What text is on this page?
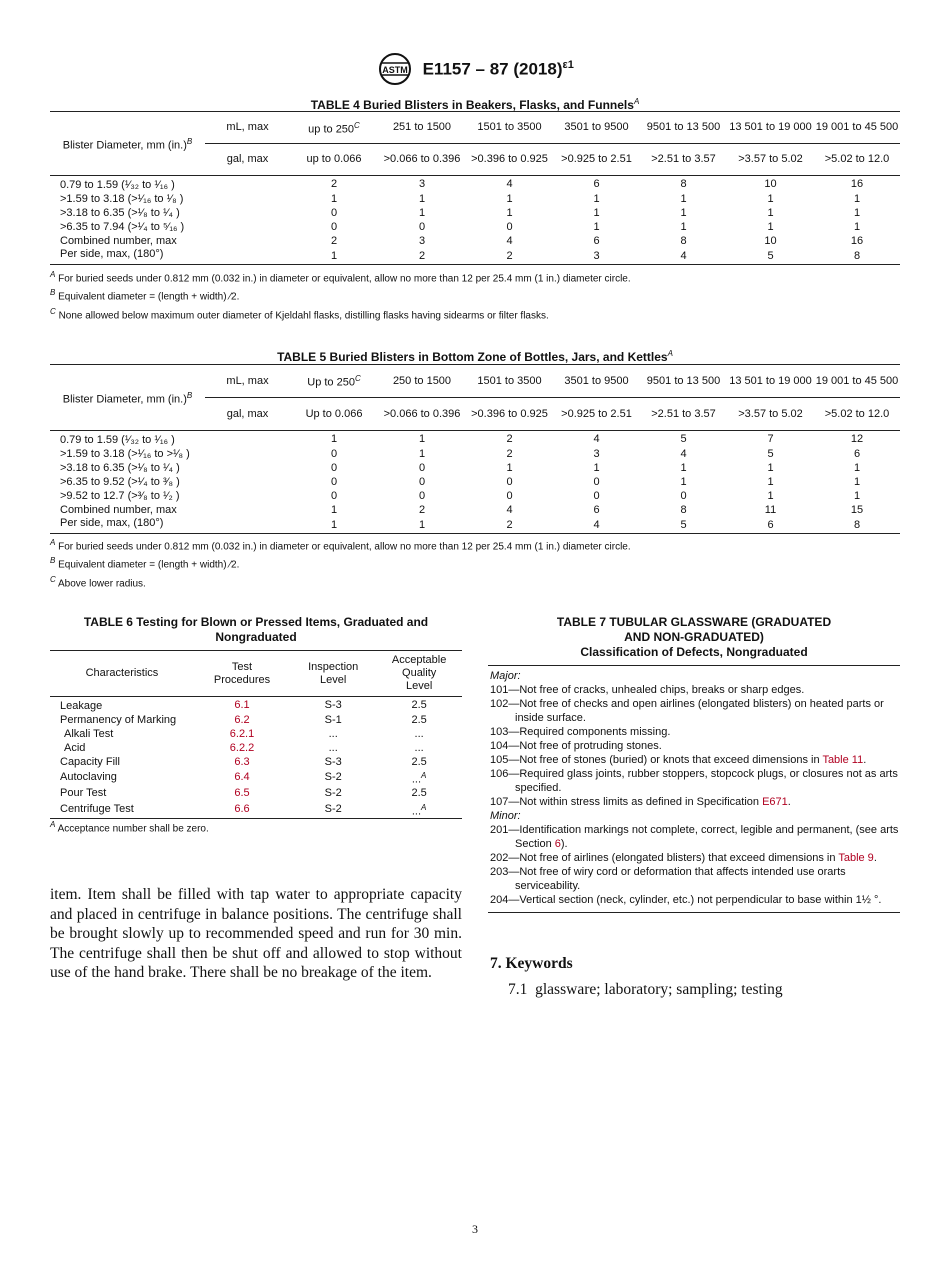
ASTM E1157 – 87 $(2018)^{\varepsilon 1}$
TABLE 4 Buried Blisters in Beakers, Flasks, and Funnels$^A$
Blister Diameter, mm $(in.)^B$	mL, max	up to $250^C$	251 to 1500	1501 to 3500	3501 to 9500	9501 to 13 500	13 501 to 19 000	19 001 to 45 500
	gal, max	up to 0.066	>0.066 to 0.396	>0.396 to 0.925	>0.925 to 2.51	>2.51 to 3.57	>3.57 to 5.02	>5.02 to 12.0
0.79 to 1.59 (¹⁄₃₂ to ¹⁄₁₆ )		2	3	4	6	8	10	16
>1.59 to 3.18 (>¹⁄₁₆ to ¹⁄₈ )		1	1	1	1	1	1	1
>3.18 to 6.35 (>¹⁄₈ to ¹⁄₄ )		0	1	1	1	1	1	1
>6.35 to 7.94 (>¹⁄₄ to ⁵⁄₁₆ )		0	0	0	1	1	1	1
Combined number, max		2	3	4	6	8	10	16
Per side, max, (180°)		1	2	2	3	4	5	8
$^A$ For buried seeds under 0.812 mm (0.032 in.) in diameter or equivalent, allow no more than 12 per 25.4 mm (1 in.) diameter circle.
$^B$ Equivalent diameter = (length + width) ⁄2.
$^C$ None allowed below maximum outer diameter of Kjeldahl flasks, distilling flasks having sidearms or filter flasks.
TABLE 5 Buried Blisters in Bottom Zone of Bottles, Jars, and Kettles$^A$
Blister Diameter, mm $(in.)^B$	mL, max	Up to $250^C$	250 to 1500	1501 to 3500	3501 to 9500	9501 to 13 500	13 501 to 19 000	19 001 to 45 500
	gal, max	Up to 0.066	>0.066 to 0.396	>0.396 to 0.925	>0.925 to 2.51	>2.51 to 3.57	>3.57 to 5.02	>5.02 to 12.0
0.79 to 1.59 (¹⁄₃₂ to ¹⁄₁₆ )		1	1	2	4	5	7	12
>1.59 to 3.18 (>¹⁄₁₆ to >¹⁄₈ )		0	1	2	3	4	5	6
>3.18 to 6.35 (>¹⁄₈ to ¹⁄₄ )		0	0	1	1	1	1	1
>6.35 to 9.52 (>¹⁄₄ to ³⁄₈ )		0	0	0	0	1	1	1
>9.52 to 12.7 (>³⁄₈ to ¹⁄₂ )		0	0	0	0	0	1	1
Combined number, max		1	2	4	6	8	11	15
Per side, max, (180°)		1	1	2	4	5	6	8
$^A$ For buried seeds under 0.812 mm (0.032 in.) in diameter or equivalent, allow no more than 12 per 25.4 mm (1 in.) diameter circle.
$^B$ Equivalent diameter = (length + width) ⁄2.
$^C$ Above lower radius.
TABLE 6 Testing for Blown or Pressed Items, Graduated and
Nongraduated
Characteristics	Test Procedures	Inspection Level	Acceptable Quality Level
Leakage	6.1	S-3	2.5
Permanency of Marking	6.2	S-1	2.5
Alkali Test	6.2.1	...	...
Acid	6.2.2	...	...
Capacity Fill	6.3	S-3	2.5
Autoclaving	6.4	S-2	...$^A$
Pour Test	6.5	S-2	2.5
Centrifuge Test	6.6	S-2	...$^A$
$^A$ Acceptance number shall be zero.
TABLE 7 TUBULAR GLASSWARE (GRADUATED
AND NON-GRADUATED)
Classification of Defects, Nongraduated
Major:
101—Not free of cracks, unhealed chips, breaks or sharp edges.
102—Not free of checks and open airlines (elongated blisters) on heated parts or inside surface.
103—Required components missing.
104—Not free of protruding stones.
105—Not free of stones (buried) or knots that exceed dimensions in Table 11.
106—Required glass joints, rubber stoppers, stopcock plugs, or closures not as arts specified.
107—Not within stress limits as defined in Specification E671.
Minor:
201—Identification markings not complete, correct, legible and permanent, (see arts Section 6).
202—Not free of airlines (elongated blisters) that exceed dimensions in Table 9.
203—Not free of wiry cord or deformation that affects intended use orarts serviceability.
204—Vertical section (neck, cylinder, etc.) not perpendicular to base within 1½ °.
item. Item shall be filled with tap water to appropriate capacity and placed in centrifuge in balance positions. The centrifuge shall be brought slowly up to recommended speed and run for 30 min. The centrifuge shall then be shut off and allowed to stop without use of the hand brake. There shall be no breakage of the item.
7. Keywords
7.1  glassware; laboratory; sampling; testing
3
